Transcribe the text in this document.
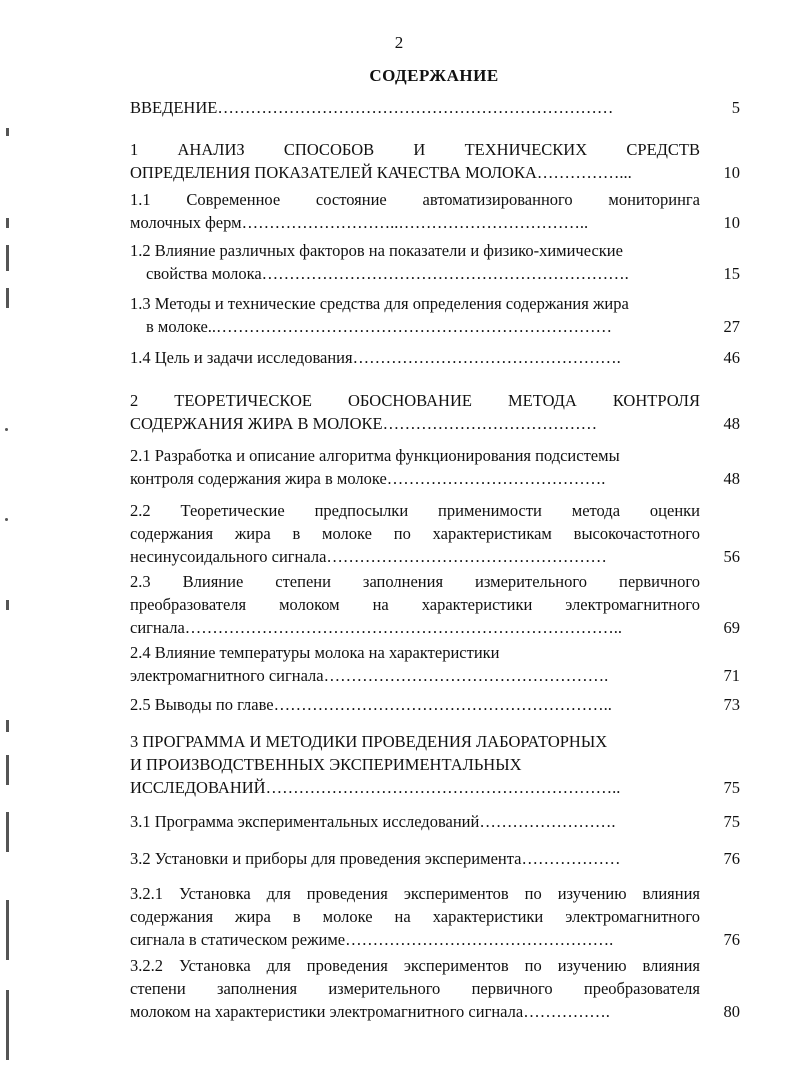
2
СОДЕРЖАНИЕ
ВВЕДЕНИЕ………………………………………………………………	5
1 АНАЛИЗ СПОСОБОВ И ТЕХНИЧЕСКИХ СРЕДСТВ
ОПРЕДЕЛЕНИЯ ПОКАЗАТЕЛЕЙ КАЧЕСТВА МОЛОКА……………...	10
1.1 Современное состояние автоматизированного мониторинга
молочных ферм………………………..……………………………..	10
1.2 Влияние различных факторов на показатели и физико-химические
свойства молока………………………………………………………….	15
1.3 Методы и технические средства для определения содержания жира
в молоке..………………………………………………………………	27
1.4 Цель и задачи исследования………………………………………….	46
2 ТЕОРЕТИЧЕСКОЕ ОБОСНОВАНИЕ МЕТОДА КОНТРОЛЯ
СОДЕРЖАНИЯ ЖИРА В МОЛОКЕ…………………………………	48
2.1 Разработка и описание алгоритма функционирования подсистемы
контроля содержания жира в молоке………………………………….	48
2.2 Теоретические предпосылки применимости метода оценки
содержания жира в молоке по характеристикам высокочастотного
несинусоидального сигнала……………………………………………	56
2.3 Влияние степени заполнения измерительного первичного
преобразователя молоком на характеристики электромагнитного
сигнала……………………………………………………………………..	69
2.4 Влияние температуры молока на характеристики
электромагнитного сигнала…………………………………………….	71
2.5 Выводы по главе……………………………………………………..	73
3 ПРОГРАММА И МЕТОДИКИ ПРОВЕДЕНИЯ ЛАБОРАТОРНЫХ
И ПРОИЗВОДСТВЕННЫХ ЭКСПЕРИМЕНТАЛЬНЫХ
ИССЛЕДОВАНИЙ………………………………………………………..	75
3.1 Программа экспериментальных исследований…………………….	75
3.2 Установки и приборы для проведения эксперимента………………	76
3.2.1 Установка для проведения экспериментов по изучению влияния
содержания жира в молоке на характеристики электромагнитного
сигнала в статическом режиме………………………………………….	76
3.2.2 Установка для проведения экспериментов по изучению влияния
степени заполнения измерительного первичного преобразователя
молоком на характеристики электромагнитного сигнала…………….	80
